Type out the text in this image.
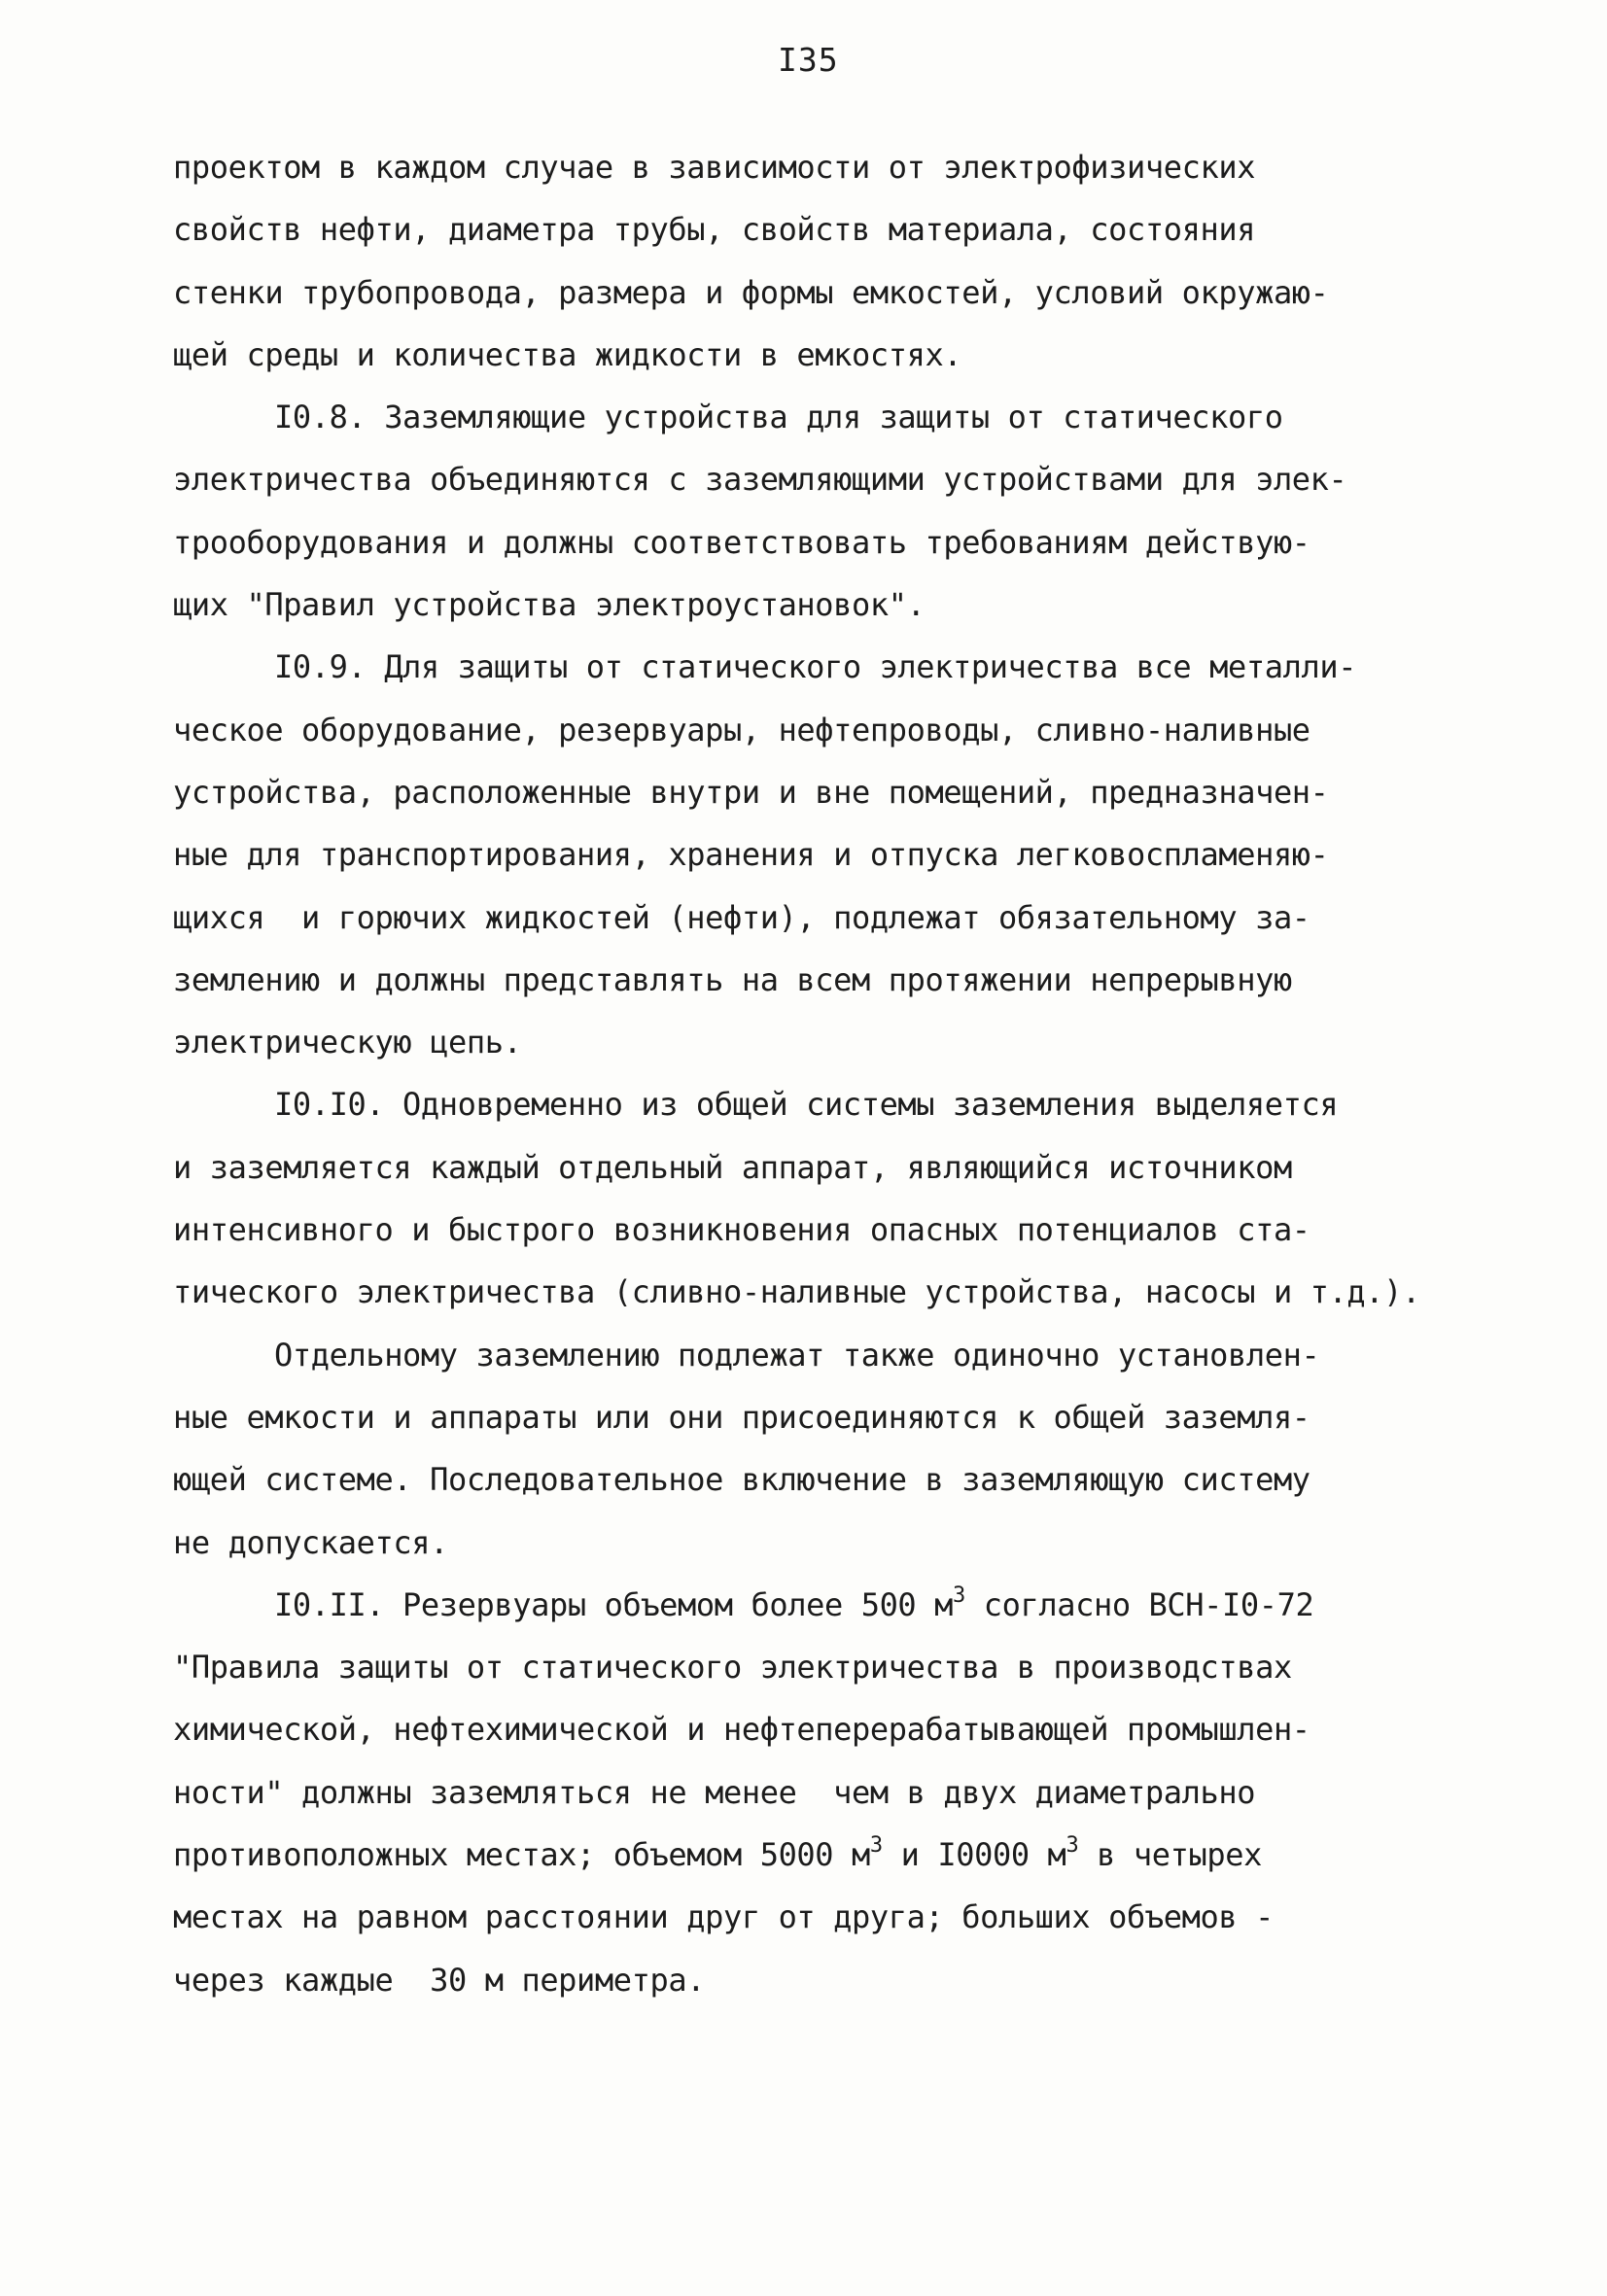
I35
проектом в каждом случае в зависимости от электрофизических
свойств нефти, диаметра трубы, свойств материала, состояния
стенки трубопровода, размера и формы емкостей, условий окружаю-
щей среды и количества жидкости в емкостях.
I0.8. Заземляющие устройства для защиты от статического
электричества объединяются с заземляющими устройствами для элек-
трооборудования и должны соответствовать требованиям действую-
щих "Правил устройства электроустановок".
I0.9. Для защиты от статического электричества все металли-
ческое оборудование, резервуары, нефтепроводы, сливно-наливные
устройства, расположенные внутри и вне помещений, предназначен-
ные для транспортирования, хранения и отпуска легковоспламеняю-
щихся  и горючих жидкостей (нефти), подлежат обязательному за-
землению и должны представлять на всем протяжении непрерывную
электрическую цепь.
I0.I0. Одновременно из общей системы заземления выделяется
и заземляется каждый отдельный аппарат, являющийся источником
интенсивного и быстрого возникновения опасных потенциалов ста-
тического электричества (сливно-наливные устройства, насосы и т.д.).
Отдельному заземлению подлежат также одиночно установлен-
ные емкости и аппараты или они присоединяются к общей заземля-
ющей системе. Последовательное включение в заземляющую систему
не допускается.
I0.II. Резервуары объемом более 500 $м^3$ согласно ВСН-I0-72
"Правила защиты от статического электричества в производствах
химической, нефтехимической и нефтеперерабатывающей промышлен-
ности" должны заземляться не менее  чем в двух диаметрально
противоположных местах; объемом 5000 $м^3$ и I0000 $м^3$ в четырех
местах на равном расстоянии друг от друга; больших объемов -
через каждые  30 м периметра.
